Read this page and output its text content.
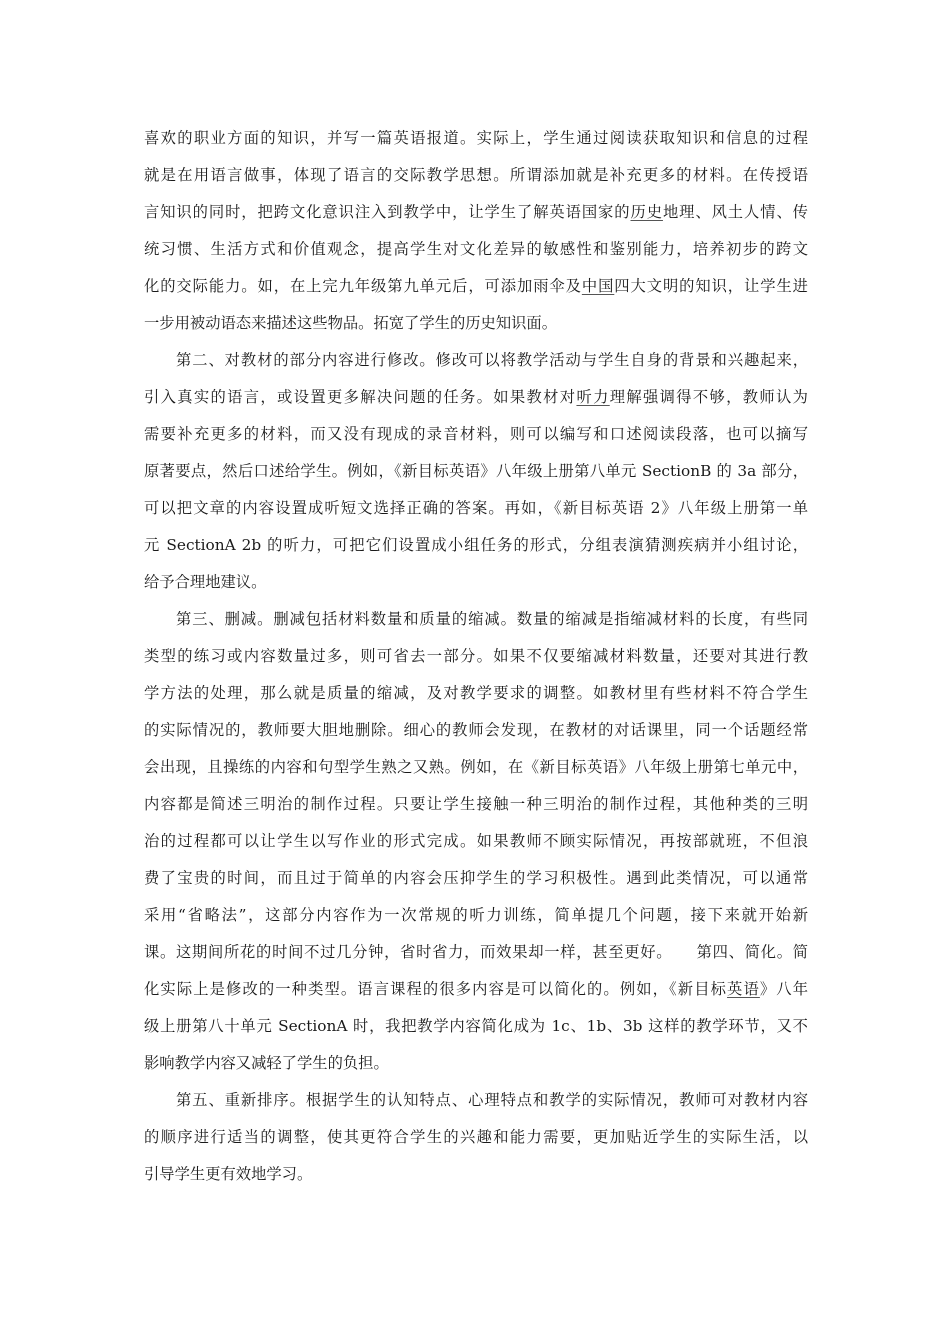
喜欢的职业方面的知识，并写一篇英语报道。实际上，学生通过阅读获取知识和信息的过程
就是在用语言做事，体现了语言的交际教学思想。所谓添加就是补充更多的材料。在传授语
言知识的同时，把跨文化意识注入到教学中，让学生了解英语国家的历史地理、风土人情、传
统习惯、生活方式和价值观念，提高学生对文化差异的敏感性和鉴别能力，培养初步的跨文
化的交际能力。如，在上完九年级第九单元后，可添加雨伞及中国四大文明的知识，让学生进
一步用被动语态来描述这些物品。拓宽了学生的历史知识面。
第二、对教材的部分内容进行修改。修改可以将教学活动与学生自身的背景和兴趣起来，
引入真实的语言，或设置更多解决问题的任务。如果教材对听力理解强调得不够，教师认为
需要补充更多的材料，而又没有现成的录音材料，则可以编写和口述阅读段落，也可以摘写
原著要点，然后口述给学生。例如，《新目标英语》八年级上册第八单元 SectionB 的 3a 部分，
可以把文章的内容设置成听短文选择正确的答案。再如，《新目标英语 2》八年级上册第一单
元 SectionA 2b 的听力，可把它们设置成小组任务的形式，分组表演猜测疾病并小组讨论，
给予合理地建议。
第三、删减。删减包括材料数量和质量的缩减。数量的缩减是指缩减材料的长度，有些同
类型的练习或内容数量过多，则可省去一部分。如果不仅要缩减材料数量，还要对其进行教
学方法的处理，那么就是质量的缩减，及对教学要求的调整。如教材里有些材料不符合学生
的实际情况的，教师要大胆地删除。细心的教师会发现，在教材的对话课里，同一个话题经常
会出现，且操练的内容和句型学生熟之又熟。例如，在《新目标英语》八年级上册第七单元中，
内容都是简述三明治的制作过程。只要让学生接触一种三明治的制作过程，其他种类的三明
治的过程都可以让学生以写作业的形式完成。如果教师不顾实际情况，再按部就班，不但浪
费了宝贵的时间，而且过于简单的内容会压抑学生的学习积极性。遇到此类情况，可以通常
采用“省略法”，这部分内容作为一次常规的听力训练，简单提几个问题，接下来就开始新
课。这期间所花的时间不过几分钟，省时省力，而效果却一样，甚至更好。　　第四、简化。简
化实际上是修改的一种类型。语言课程的很多内容是可以简化的。例如，《新目标英语》八年
级上册第八十单元 SectionA 时，我把教学内容简化成为 1c、1b、3b 这样的教学环节，又不
影响教学内容又减轻了学生的负担。
第五、重新排序。根据学生的认知特点、心理特点和教学的实际情况，教师可对教材内容
的顺序进行适当的调整，使其更符合学生的兴趣和能力需要，更加贴近学生的实际生活，以
引导学生更有效地学习。
